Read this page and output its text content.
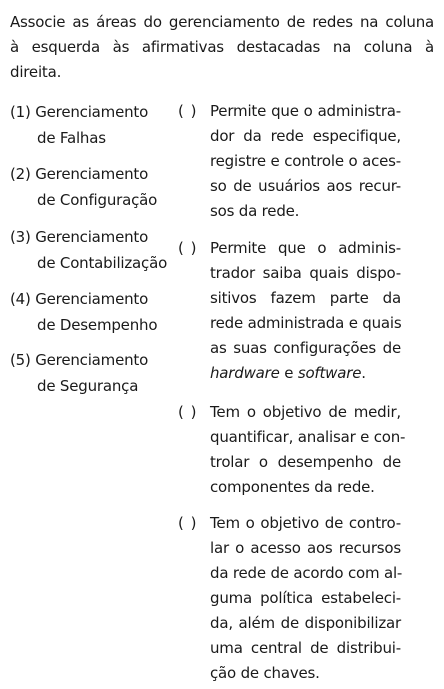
Associe as áreas do gerenciamento de redes na coluna
à esquerda às afirmativas destacadas na coluna à
direita.
(1) Gerenciamento
de Falhas
(2) Gerenciamento
de Configuração
(3) Gerenciamento
de Contabilização
(4) Gerenciamento
de Desempenho
(5) Gerenciamento
de Segurança
( ) Permite que o administra-
dor da rede especifique,
registre e controle o aces-
so de usuários aos recur-
sos da rede.
( ) Permite que o adminis-
trador saiba quais dispo-
sitivos fazem parte da
rede administrada e quais
as suas configurações de
hardware e software.
( ) Tem o objetivo de medir,
quantificar, analisar e con-
trolar o desempenho de
componentes da rede.
( ) Tem o objetivo de contro-
lar o acesso aos recursos
da rede de acordo com al-
guma política estabeleci-
da, além de disponibilizar
uma central de distribui-
ção de chaves.
